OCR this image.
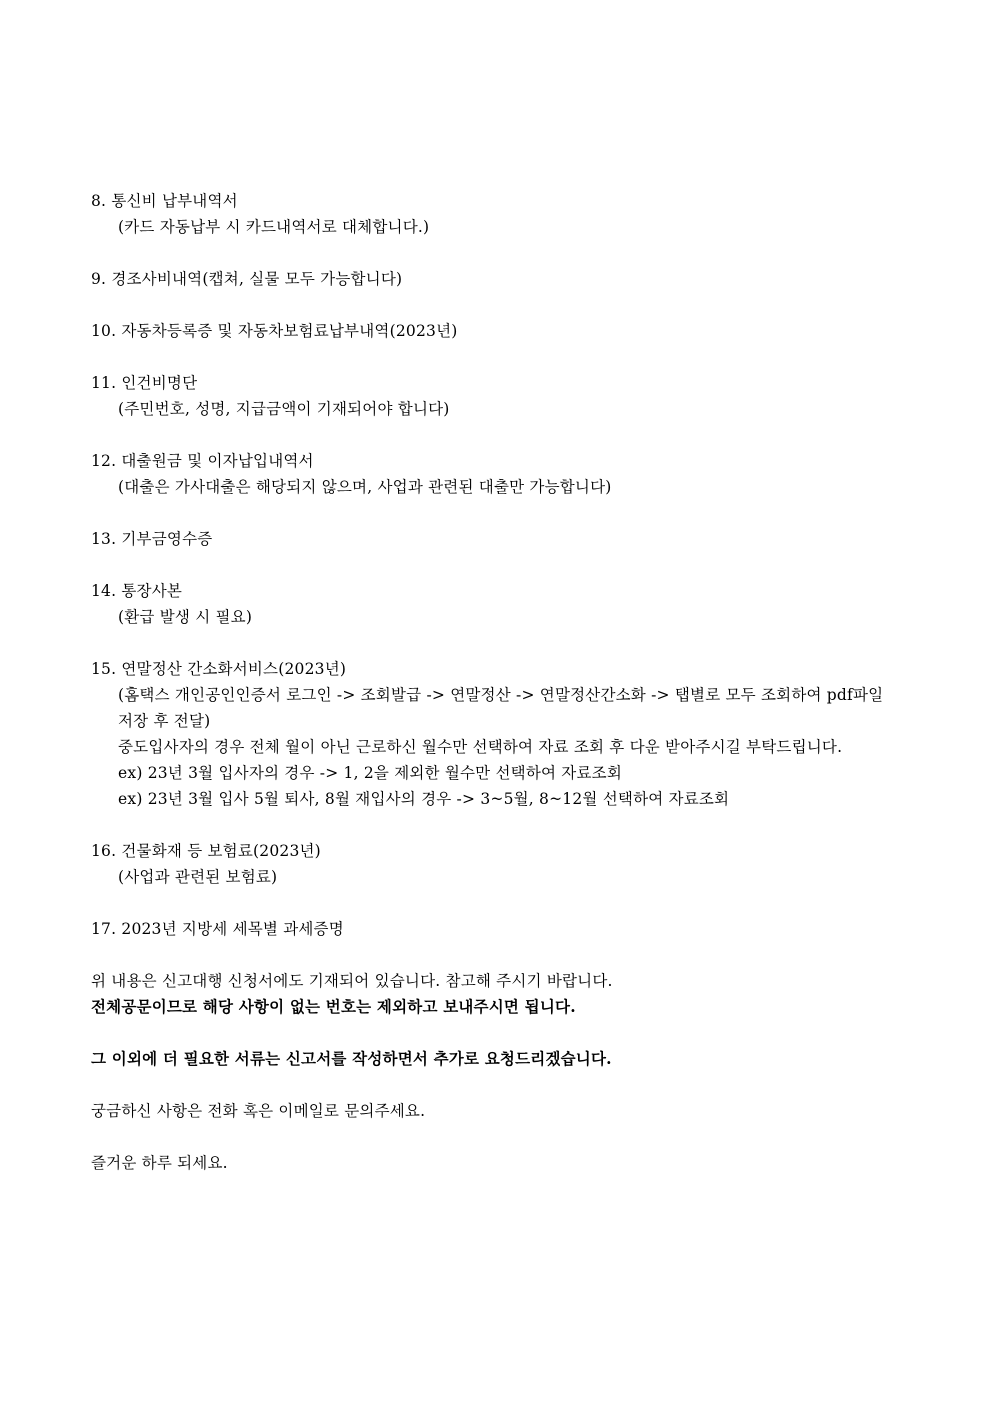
8. 통신비 납부내역서
(카드 자동납부 시 카드내역서로 대체합니다.)
9. 경조사비내역(캡쳐, 실물 모두 가능합니다)
10. 자동차등록증 및 자동차보험료납부내역(2023년)
11. 인건비명단
(주민번호, 성명, 지급금액이 기재되어야 합니다)
12. 대출원금 및 이자납입내역서
(대출은 가사대출은 해당되지 않으며, 사업과 관련된 대출만 가능합니다)
13. 기부금영수증
14. 통장사본
(환급 발생 시 필요)
15. 연말정산 간소화서비스(2023년)
(홈택스 개인공인인증서 로그인 -> 조회발급 -> 연말정산 -> 연말정산간소화 -> 탭별로 모두 조회하여 pdf파일 저장 후 전달)
중도입사자의 경우 전체 월이 아닌 근로하신 월수만 선택하여 자료 조회 후 다운 받아주시길 부탁드립니다.
ex) 23년 3월 입사자의 경우 -> 1, 2을 제외한 월수만 선택하여 자료조회
ex) 23년 3월 입사 5월 퇴사, 8월 재입사의 경우 -> 3~5월, 8~12월 선택하여 자료조회
16. 건물화재 등 보험료(2023년)
(사업과 관련된 보험료)
17. 2023년 지방세 세목별 과세증명
위 내용은 신고대행 신청서에도 기재되어 있습니다. 참고해 주시기 바랍니다.
전체공문이므로 해당 사항이 없는 번호는 제외하고 보내주시면 됩니다.
그 이외에 더 필요한 서류는 신고서를 작성하면서 추가로 요청드리겠습니다.
궁금하신 사항은 전화 혹은 이메일로 문의주세요.
즐거운 하루 되세요.
